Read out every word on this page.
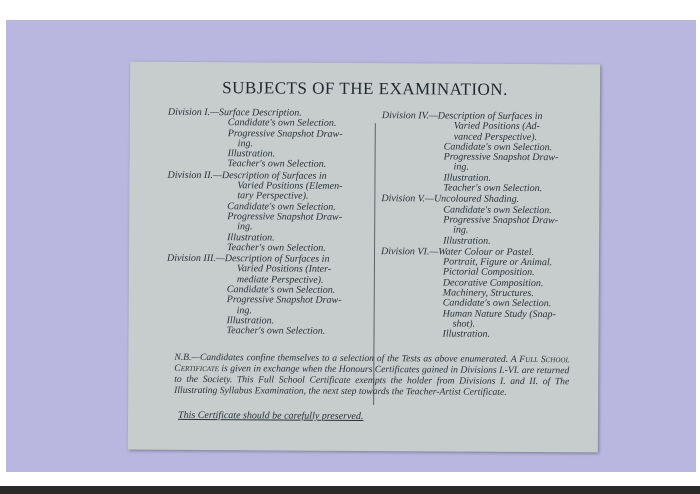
SUBJECTS OF THE EXAMINATION.
Division I.—Surface Description.
Candidate's own Selection.
Progressive Snapshot Draw-
ing.
Illustration.
Teacher's own Selection.
Division II.—Description of Surfaces in
Varied Positions (Elemen-
tary Perspective).
Candidate's own Selection.
Progressive Snapshot Draw-
ing.
Illustration.
Teacher's own Selection.
Division III.—Description of Surfaces in
Varied Positions (Inter-
mediate Perspective).
Candidate's own Selection.
Progressive Snapshot Draw-
ing.
Illustration.
Teacher's own Selection.
Division IV.—Description of Surfaces in
Varied Positions (Ad-
vanced Perspective).
Candidate's own Selection.
Progressive Snapshot Draw-
ing.
Illustration.
Teacher's own Selection.
Division V.—Uncoloured Shading.
Candidate's own Selection.
Progressive Snapshot Draw-
ing.
Illustration.
Division VI.—Water Colour or Pastel.
Portrait, Figure or Animal.
Pictorial Composition.
Decorative Composition.
Machinery, Structures.
Candidate's own Selection.
Human Nature Study (Snap-
shot).
Illustration.
N.B.—Candidates confine themselves to a selection of the Tests as above enumerated. A Full School Certificate is given in exchange when the Honours Certificates gained in Divisions I.-VI. are returned to the Society. This Full School Certificate exempts the holder from Divisions I. and II. of The Illustrating Syllabus Examination, the next step towards the Teacher-Artist Certificate.
This Certificate should be carefully preserved.
